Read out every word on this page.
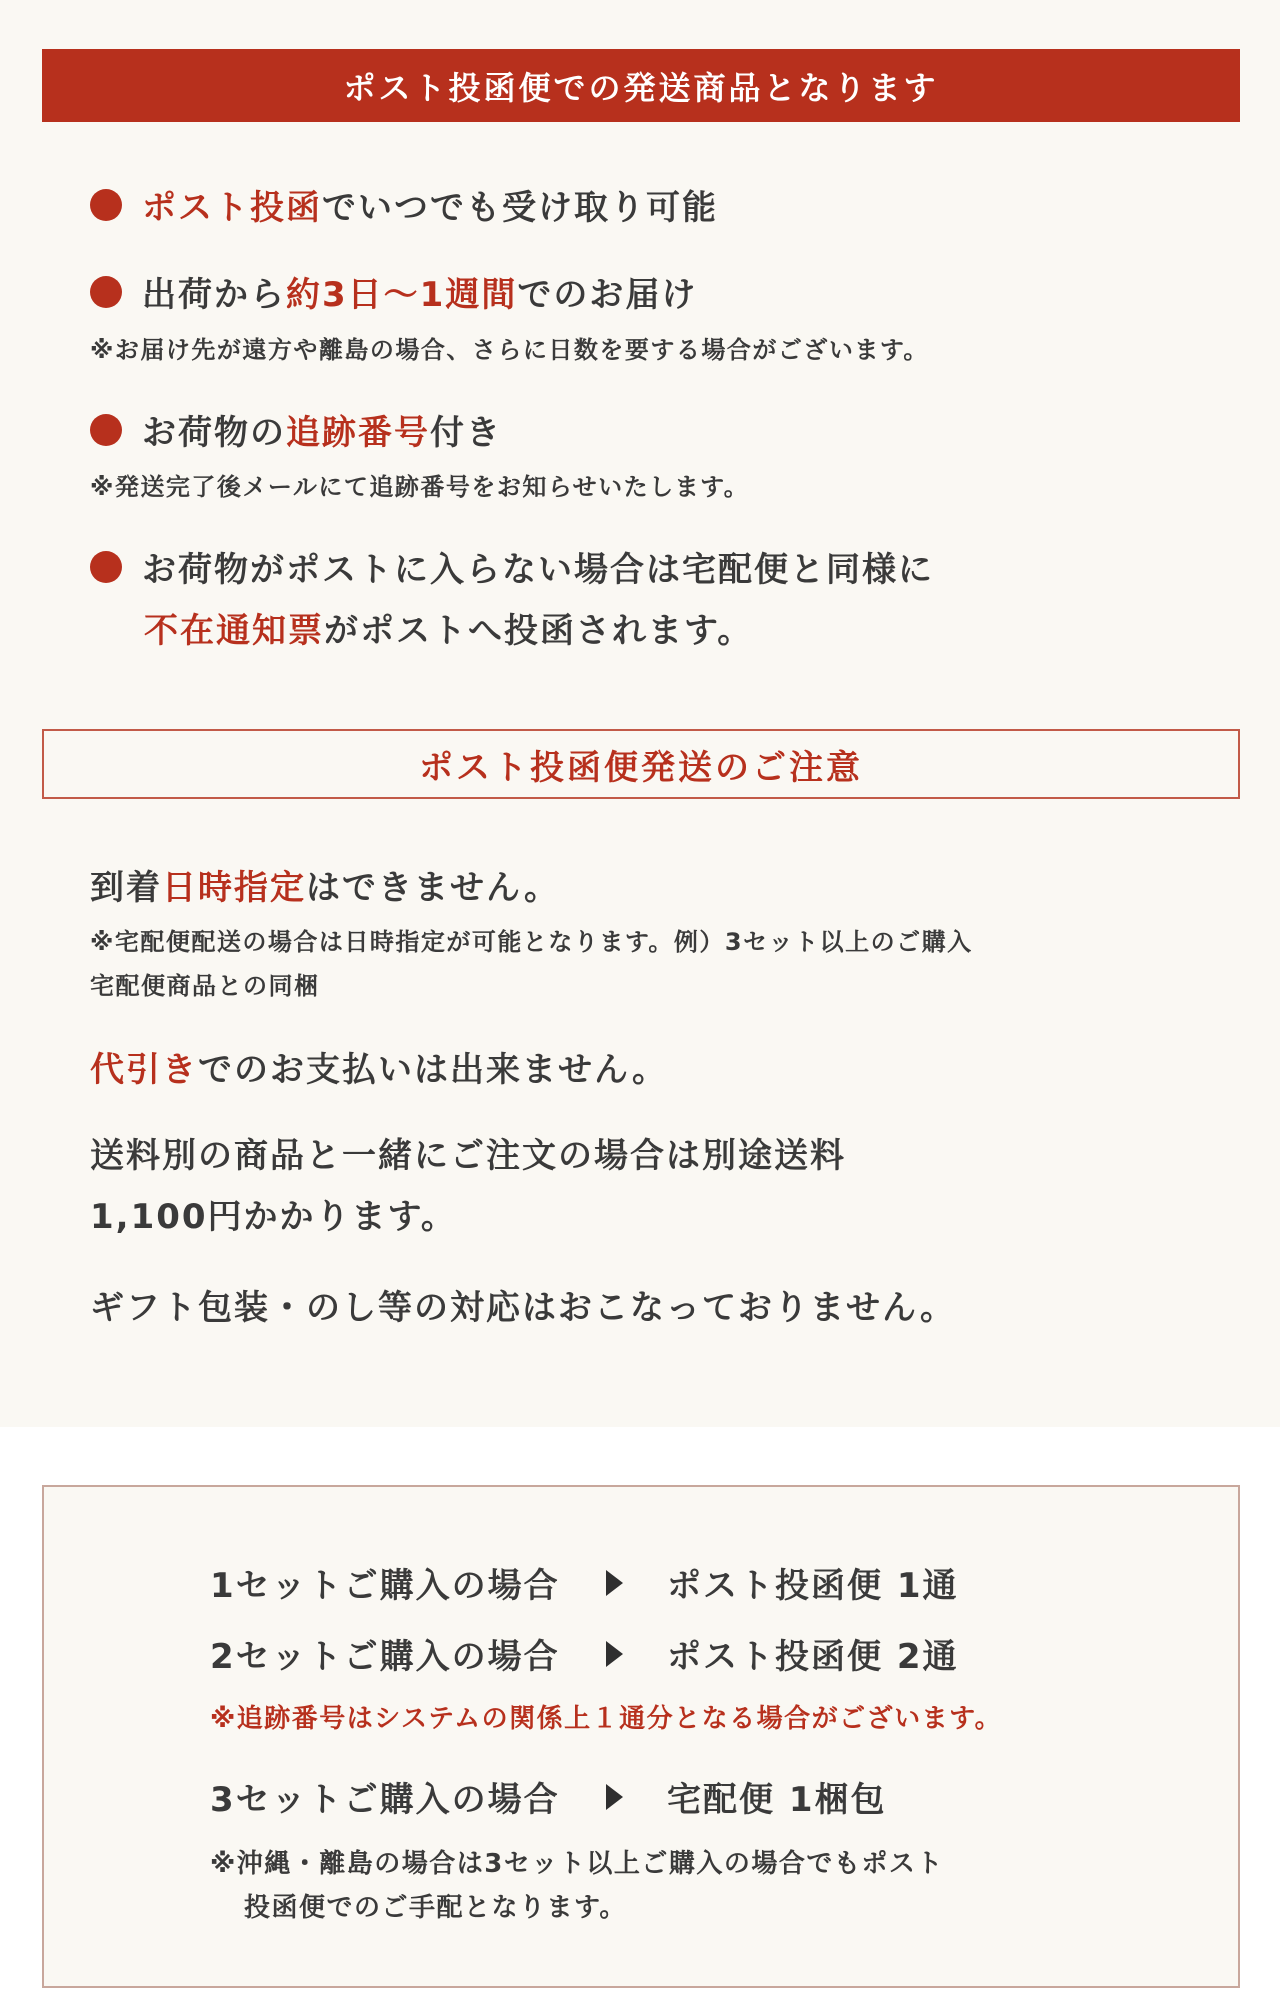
ポスト投函便での発送商品となります
ポスト投函 でいつでも受け取り可能
出荷から 約3日〜1週間 でのお届け
※お届け先が遠方や離島の場合、さらに日数を要する場合がございます。
お荷物の 追跡番号 付き
※発送完了後メールにて追跡番号をお知らせいたします。
お荷物がポストに入らない場合は宅配便と同様に
不在通知票がポストへ投函されます。
ポスト投函便発送のご注意
到着日時指定はできません。
※宅配便配送の場合は日時指定が可能となります。例）3セット以上のご購入
宅配便商品との同梱
代引きでのお支払いは出来ません。
送料別の商品と一緒にご注文の場合は別途送料
1,100円かかります。
ギフト包装・のし等の対応はおこなっておりません。
1セットご購入の場合	ポスト投函便 1通
2セットご購入の場合	ポスト投函便 2通
※追跡番号はシステムの関係上１通分となる場合がございます。
3セットご購入の場合	宅配便 1梱包
※沖縄・離島の場合は3セット以上ご購入の場合でもポスト
投函便でのご手配となります。
